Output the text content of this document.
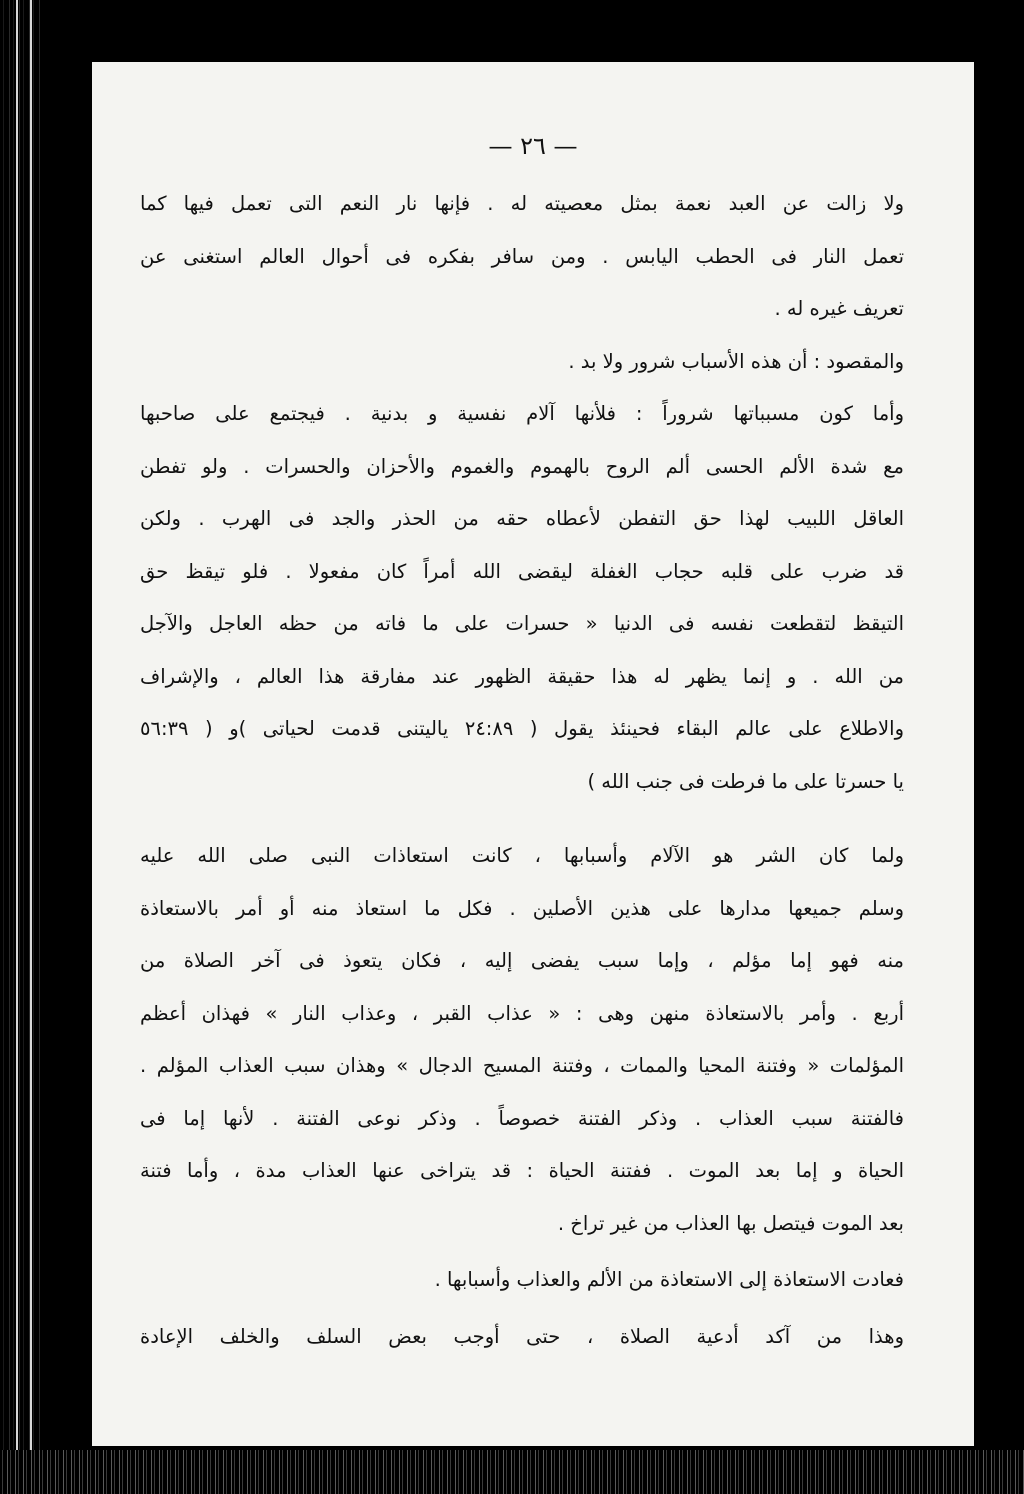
— ٢٦ —
ولا زالت عن العبد نعمة بمثل معصيته له . فإنها نار النعم التى تعمل فيها كما
تعمل النار فى الحطب اليابس . ومن سافر بفكره فى أحوال العالم استغنى عن
تعريف غيره له .
والمقصود : أن هذه الأسباب شرور ولا بد .
وأما كون مسبباتها شروراً : فلأنها آلام نفسية و بدنية . فيجتمع على صاحبها
مع شدة الألم الحسى ألم الروح بالهموم والغموم والأحزان والحسرات . ولو تفطن
العاقل اللبيب لهذا حق التفطن لأعطاه حقه من الحذر والجد فى الهرب . ولكن
قد ضرب على قلبه حجاب الغفلة ليقضى الله أمراً كان مفعولا . فلو تيقظ حق
التيقظ لتقطعت نفسه فى الدنيا « حسرات على ما فاته من حظه العاجل والآجل
من الله . و إنما يظهر له هذا حقيقة الظهور عند مفارقة هذا العالم ، والإشراف
والاطلاع على عالم البقاء فحينئذ يقول ( ٢٤:٨٩ ياليتنى قدمت لحياتى )و ( ٥٦:٣٩
يا حسرتا على ما فرطت فى جنب الله )
ولما كان الشر هو الآلام وأسبابها ، كانت استعاذات النبى صلى الله عليه
وسلم جميعها مدارها على هذين الأصلين . فكل ما استعاذ منه أو أمر بالاستعاذة
منه فهو إما مؤلم ، وإما سبب يفضى إليه ، فكان يتعوذ فى آخر الصلاة من
أربع . وأمر بالاستعاذة منهن وهى : « عذاب القبر ، وعذاب النار » فهذان أعظم
المؤلمات « وفتنة المحيا والممات ، وفتنة المسيح الدجال » وهذان سبب العذاب المؤلم .
فالفتنة سبب العذاب . وذكر الفتنة خصوصاً . وذكر نوعى الفتنة . لأنها إما فى
الحياة و إما بعد الموت . ففتنة الحياة : قد يتراخى عنها العذاب مدة ، وأما فتنة
بعد الموت فيتصل بها العذاب من غير تراخ .
فعادت الاستعاذة إلى الاستعاذة من الألم والعذاب وأسبابها .
وهذا من آكد أدعية الصلاة ، حتى أوجب بعض السلف والخلف الإعادة
